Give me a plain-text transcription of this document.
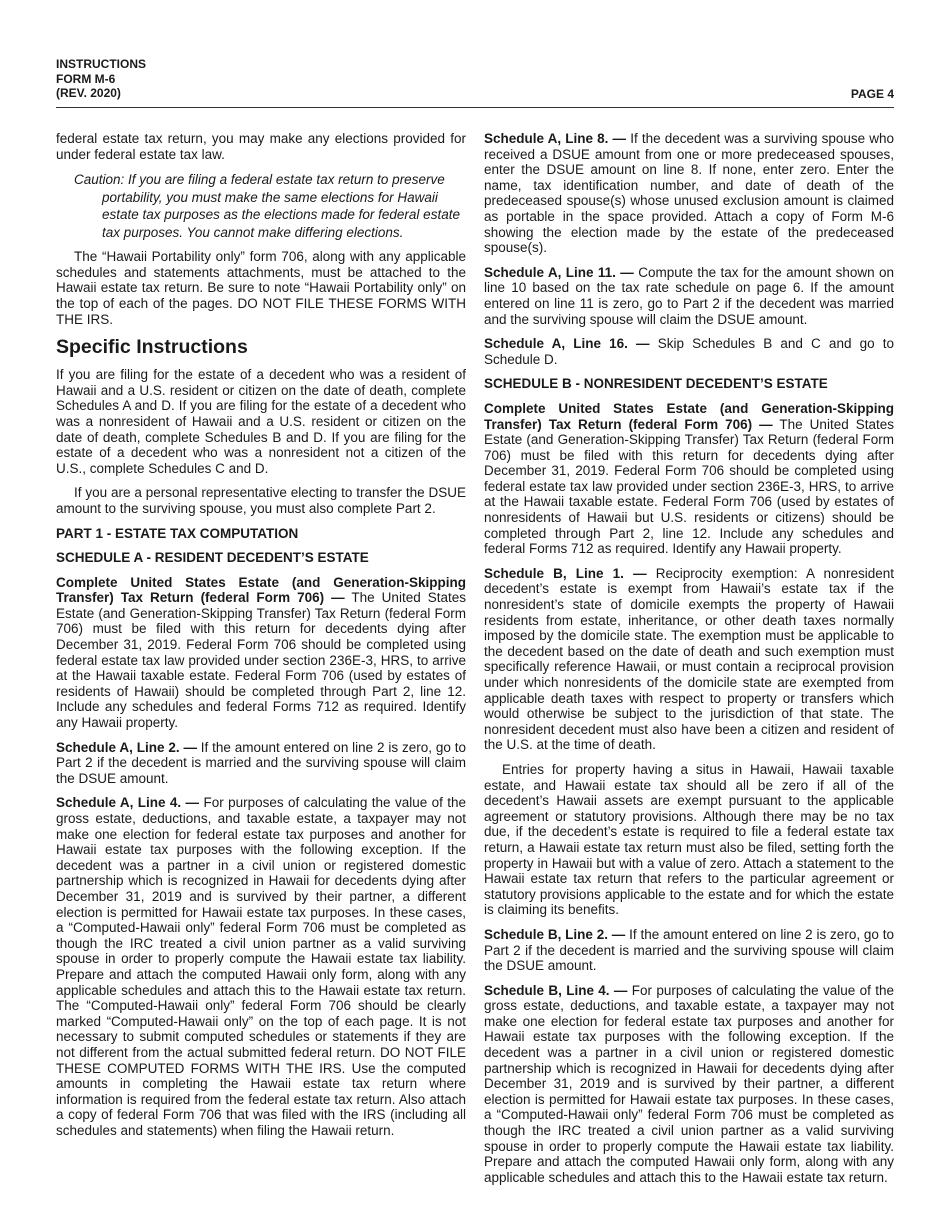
INSTRUCTIONS
FORM M-6
(REV. 2020)	PAGE 4

federal estate tax return, you may make any elections provided for under federal estate tax law.

Caution: If you are filing a federal estate tax return to preserve portability, you must make the same elections for Hawaii estate tax purposes as the elections made for federal estate tax purposes. You cannot make differing elections.

The “Hawaii Portability only” form 706, along with any applicable schedules and statements attachments, must be attached to the Hawaii estate tax return. Be sure to note “Hawaii Portability only” on the top of each of the pages. DO NOT FILE THESE FORMS WITH THE IRS.

Specific Instructions

If you are filing for the estate of a decedent who was a resident of Hawaii and a U.S. resident or citizen on the date of death, complete Schedules A and D. If you are filing for the estate of a decedent who was a nonresident of Hawaii and a U.S. resident or citizen on the date of death, complete Schedules B and D. If you are filing for the estate of a decedent who was a nonresident not a citizen of the U.S., complete Schedules C and D.

If you are a personal representative electing to transfer the DSUE amount to the surviving spouse, you must also complete Part 2.

PART 1 - ESTATE TAX COMPUTATION
SCHEDULE A - RESIDENT DECEDENT’S ESTATE

Complete United States Estate (and Generation-Skipping Transfer) Tax Return (federal Form 706) — The United States Estate (and Generation-Skipping Transfer) Tax Return (federal Form 706) must be filed with this return for decedents dying after December 31, 2019. Federal Form 706 should be completed using federal estate tax law provided under section 236E-3, HRS, to arrive at the Hawaii taxable estate. Federal Form 706 (used by estates of residents of Hawaii) should be completed through Part 2, line 12. Include any schedules and federal Forms 712 as required. Identify any Hawaii property.

Schedule A, Line 2. — If the amount entered on line 2 is zero, go to Part 2 if the decedent is married and the surviving spouse will claim the DSUE amount.

Schedule A, Line 4. — For purposes of calculating the value of the gross estate, deductions, and taxable estate, a taxpayer may not make one election for federal estate tax purposes and another for Hawaii estate tax purposes with the following exception. If the decedent was a partner in a civil union or registered domestic partnership which is recognized in Hawaii for decedents dying after December 31, 2019 and is survived by their partner, a different election is permitted for Hawaii estate tax purposes. In these cases, a “Computed-Hawaii only” federal Form 706 must be completed as though the IRC treated a civil union partner as a valid surviving spouse in order to properly compute the Hawaii estate tax liability. Prepare and attach the computed Hawaii only form, along with any applicable schedules and attach this to the Hawaii estate tax return. The “Computed-Hawaii only” federal Form 706 should be clearly marked “Computed-Hawaii only” on the top of each page. It is not necessary to submit computed schedules or statements if they are not different from the actual submitted federal return. DO NOT FILE THESE COMPUTED FORMS WITH THE IRS. Use the computed amounts in completing the Hawaii estate tax return where information is required from the federal estate tax return. Also attach a copy of federal Form 706 that was filed with the IRS (including all schedules and statements) when filing the Hawaii return.

Schedule A, Line 8. — If the decedent was a surviving spouse who received a DSUE amount from one or more predeceased spouses, enter the DSUE amount on line 8. If none, enter zero. Enter the name, tax identification number, and date of death of the predeceased spouse(s) whose unused exclusion amount is claimed as portable in the space provided. Attach a copy of Form M-6 showing the election made by the estate of the predeceased spouse(s).

Schedule A, Line 11. — Compute the tax for the amount shown on line 10 based on the tax rate schedule on page 6. If the amount entered on line 11 is zero, go to Part 2 if the decedent was married and the surviving spouse will claim the DSUE amount.

Schedule A, Line 16. — Skip Schedules B and C and go to Schedule D.

SCHEDULE B - NONRESIDENT DECEDENT’S ESTATE

Complete United States Estate (and Generation-Skipping Transfer) Tax Return (federal Form 706) — The United States Estate (and Generation-Skipping Transfer) Tax Return (federal Form 706) must be filed with this return for decedents dying after December 31, 2019. Federal Form 706 should be completed using federal estate tax law provided under section 236E-3, HRS, to arrive at the Hawaii taxable estate. Federal Form 706 (used by estates of nonresidents of Hawaii but U.S. residents or citizens) should be completed through Part 2, line 12. Include any schedules and federal Forms 712 as required. Identify any Hawaii property.

Schedule B, Line 1. — Reciprocity exemption: A nonresident decedent’s estate is exempt from Hawaii’s estate tax if the nonresident’s state of domicile exempts the property of Hawaii residents from estate, inheritance, or other death taxes normally imposed by the domicile state. The exemption must be applicable to the decedent based on the date of death and such exemption must specifically reference Hawaii, or must contain a reciprocal provision under which nonresidents of the domicile state are exempted from applicable death taxes with respect to property or transfers which would otherwise be subject to the jurisdiction of that state. The nonresident decedent must also have been a citizen and resident of the U.S. at the time of death.

Entries for property having a situs in Hawaii, Hawaii taxable estate, and Hawaii estate tax should all be zero if all of the decedent’s Hawaii assets are exempt pursuant to the applicable agreement or statutory provisions. Although there may be no tax due, if the decedent’s estate is required to file a federal estate tax return, a Hawaii estate tax return must also be filed, setting forth the property in Hawaii but with a value of zero. Attach a statement to the Hawaii estate tax return that refers to the particular agreement or statutory provisions applicable to the estate and for which the estate is claiming its benefits.

Schedule B, Line 2. — If the amount entered on line 2 is zero, go to Part 2 if the decedent is married and the surviving spouse will claim the DSUE amount.

Schedule B, Line 4. — For purposes of calculating the value of the gross estate, deductions, and taxable estate, a taxpayer may not make one election for federal estate tax purposes and another for Hawaii estate tax purposes with the following exception. If the decedent was a partner in a civil union or registered domestic partnership which is recognized in Hawaii for decedents dying after December 31, 2019 and is survived by their partner, a different election is permitted for Hawaii estate tax purposes. In these cases, a “Computed-Hawaii only” federal Form 706 must be completed as though the IRC treated a civil union partner as a valid surviving spouse in order to properly compute the Hawaii estate tax liability. Prepare and attach the computed Hawaii only form, along with any applicable schedules and attach this to the Hawaii estate tax return.
